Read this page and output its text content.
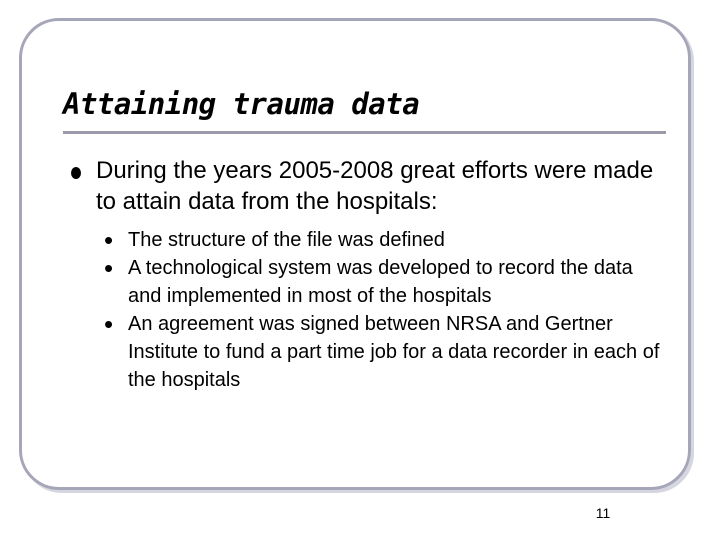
Attaining trauma data

During the years 2005-2008 great efforts were made to attain data from the hospitals:

• The structure of the file was defined
• A technological system was developed to record the data and implemented in most of the hospitals
• An agreement was signed between NRSA and Gertner Institute to fund a part time job for a data recorder in each of the hospitals
11
